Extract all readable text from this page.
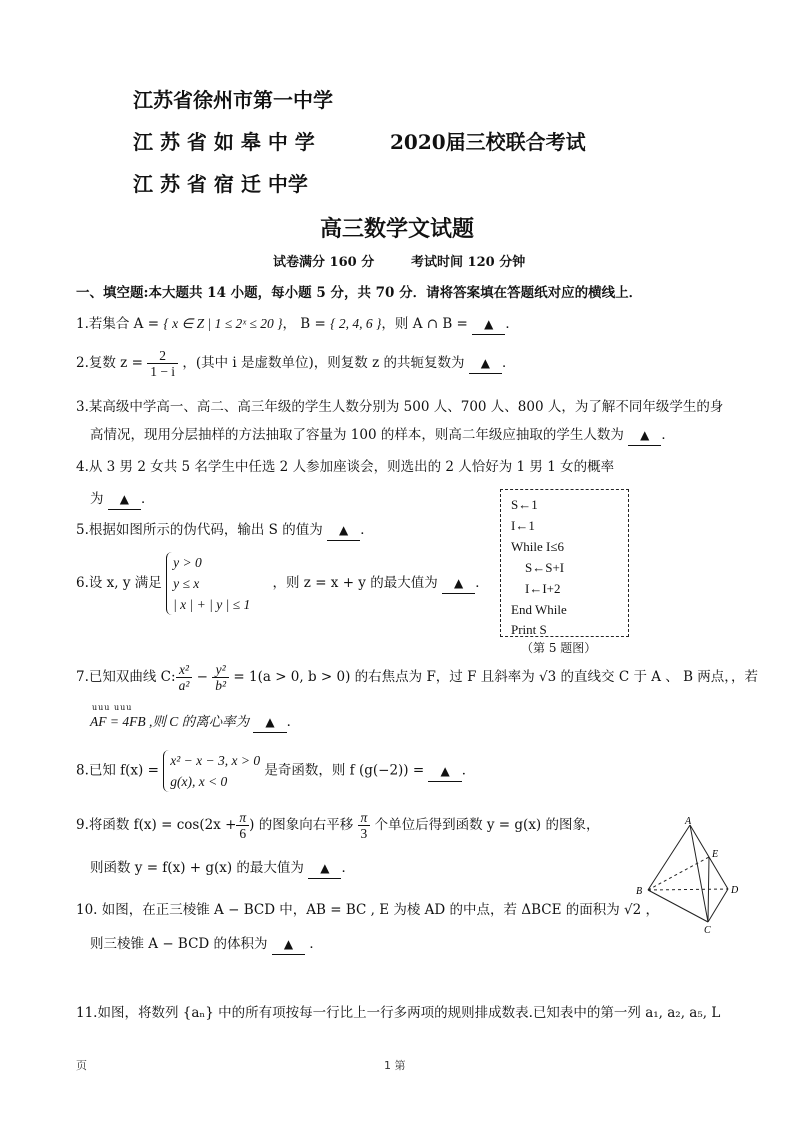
江苏省徐州市第一中学
江 苏 省 如 皋 中 学	2020届三校联合考试
江 苏 省 宿 迁 中学
高三数学文试题
试卷满分 160 分	考试时间 120 分钟
一、填空题:本大题共 14 小题，每小题 5 分，共 70 分．请将答案填在答题纸对应的横线上．
1.若集合 A = { x ∈ Z | 1 ≤ 2ˣ ≤ 20 }， B = { 2, 4, 6 }，则 A ∩ B = ▲ ．
2.复数 $z = \frac{2}{1 - i}$ ，(其中 i 是虚数单位)，则复数 z 的共轭复数为 ▲ ．
3.某高级中学高一、高二、高三年级的学生人数分别为 500 人、700 人、800 人，为了解不同年级学生的身
高情况，现用分层抽样的方法抽取了容量为 100 的样本，则高二年级应抽取的学生人数为 ▲ ．
4.从 3 男 2 女共 5 名学生中任选 2 人参加座谈会，则选出的 2 人恰好为 1 男 1 女的概率
为 ▲ ．
5.根据如图所示的伪代码，输出 S 的值为 ▲ ．
S←1
I←1
While I≤6
S←S+I
I←I+2
End While
Print S
（第 5 题图）
6.设 x, y 满足
y > 0
y ≤ x
| x | + | y | ≤ 1
，则 z = x + y 的最大值为 ▲ ．
7.已知双曲线 C: $\frac{\text{x²}}{\text{a²}} - \frac{\text{y²}}{\text{b²}} = 1(a > 0$, b > 0) 的右焦点为 F，过 F 且斜率为 √3 的直线交 C 于 A 、 B 两点，，若
uuu uuu
AF = 4FB ,则 C 的离心率为 ▲ ．
8.已知 f(x) =
x² − x − 3, x > 0
g(x), x < 0
是奇函数，则 f (g(−2)) = ▲ ．
9.将函数 $f(x) = \cos(2x + \frac{\pi}{6}$ ) 的图象向右平移 $\frac{\pi}{3}$ 个单位后得到函数 y = g(x) 的图象，
则函数 y = f(x) + g(x) 的最大值为 ▲ ．
A
B
C
D
E
10. 如图，在正三棱锥 A − BCD 中，AB = BC , E 为棱 AD 的中点，若 ΔBCE 的面积为 √2 ，
则三棱锥 A − BCD 的体积为 ▲ ．
11.如图，将数列 {aₙ} 中的所有项按每一行比上一行多两项的规则排成数表.已知表中的第一列 a₁, a₂, a₅, L
页	1 第
